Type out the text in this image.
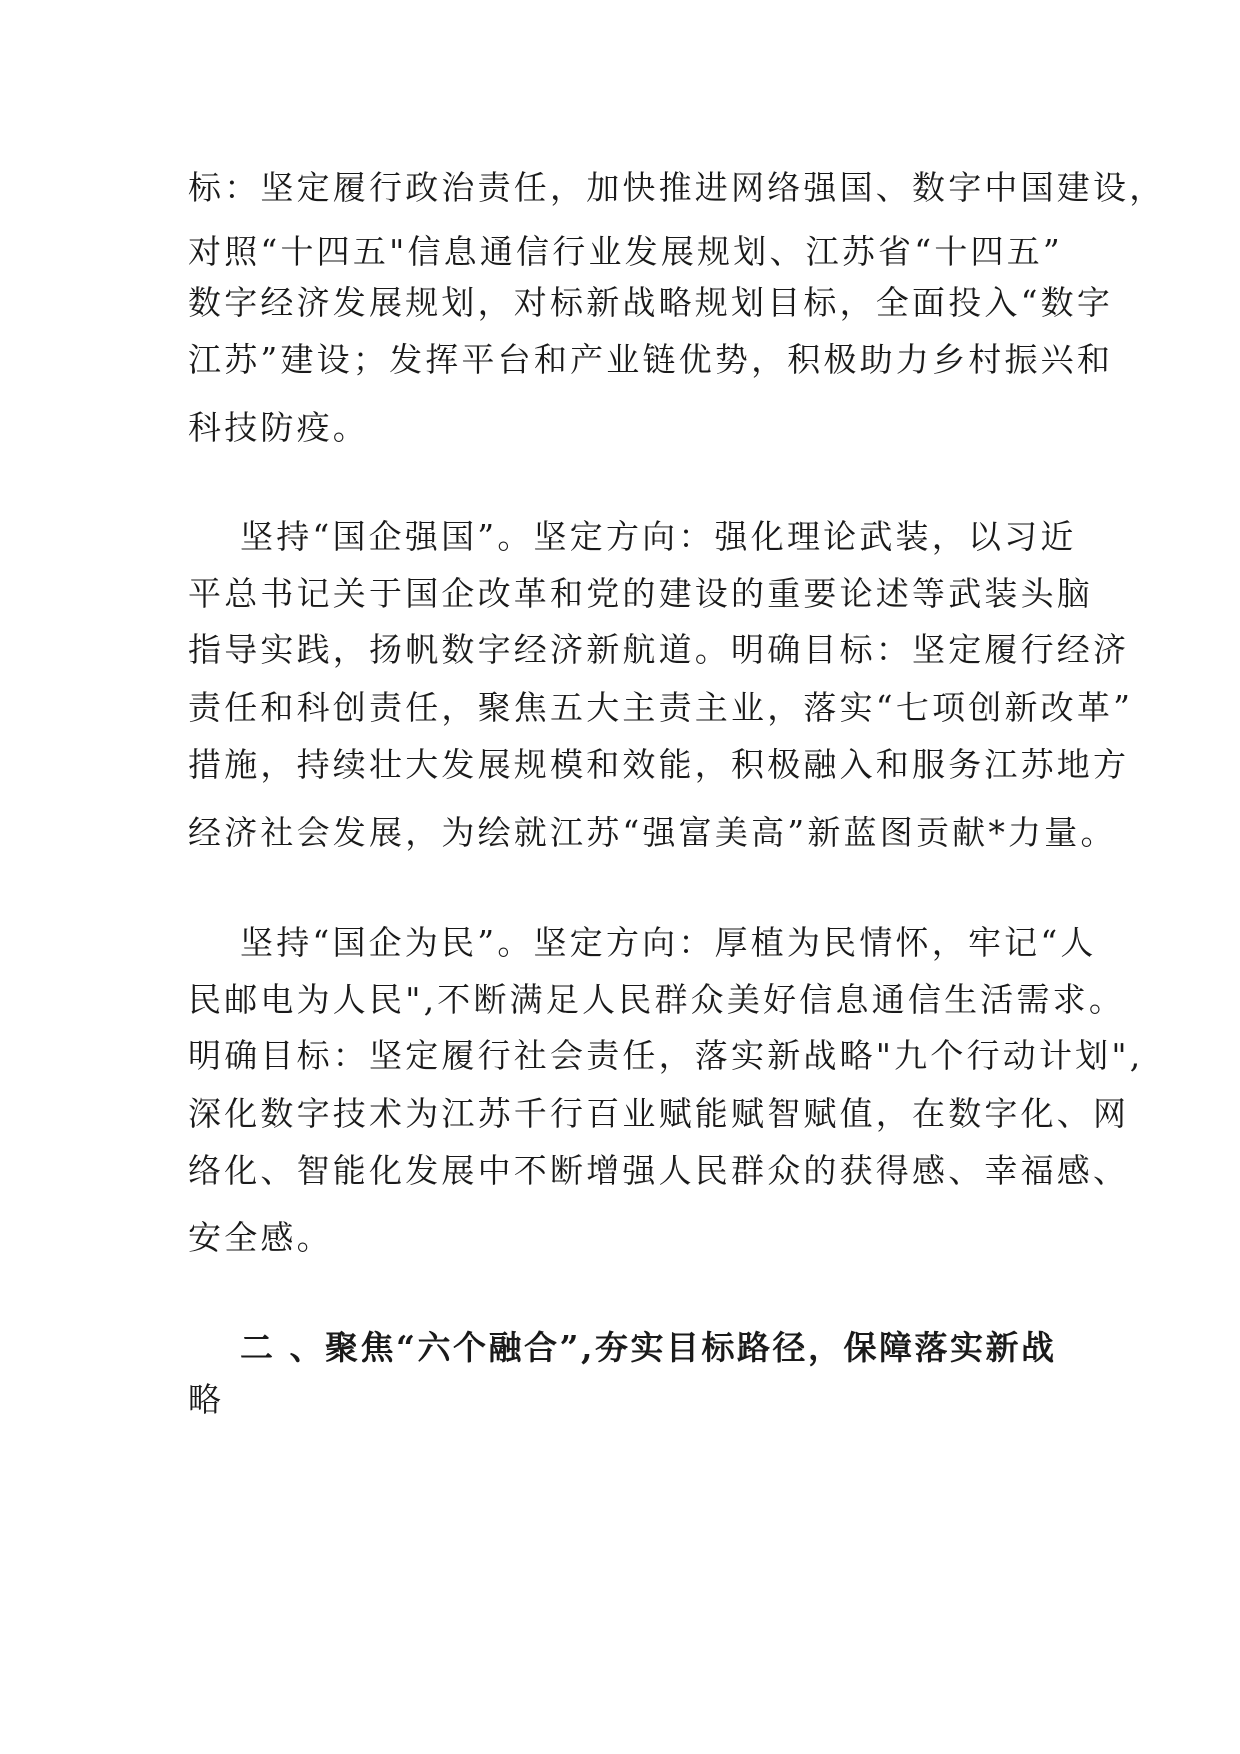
标：坚定履行政治责任，加快推进网络强国、数字中国建设，
对照“十四五"信息通信行业发展规划、江苏省“十四五”
数字经济发展规划，对标新战略规划目标，全面投入“数字
江苏”建设；发挥平台和产业链优势，积极助力乡村振兴和
科技防疫。
坚持“国企强国”。坚定方向：强化理论武装，以习近
平总书记关于国企改革和党的建设的重要论述等武装头脑
指导实践，扬帆数字经济新航道。明确目标：坚定履行经济
责任和科创责任，聚焦五大主责主业，落实“七项创新改革”
措施，持续壮大发展规模和效能，积极融入和服务江苏地方
经济社会发展，为绘就江苏“强富美高”新蓝图贡献*力量。
坚持“国企为民”。坚定方向：厚植为民情怀，牢记“人
民邮电为人民",不断满足人民群众美好信息通信生活需求。
明确目标：坚定履行社会责任，落实新战略"九个行动计划",
深化数字技术为江苏千行百业赋能赋智赋值，在数字化、网
络化、智能化发展中不断增强人民群众的获得感、幸福感、
安全感。
二 、聚焦“六个融合”,夯实目标路径，保障落实新战
略
